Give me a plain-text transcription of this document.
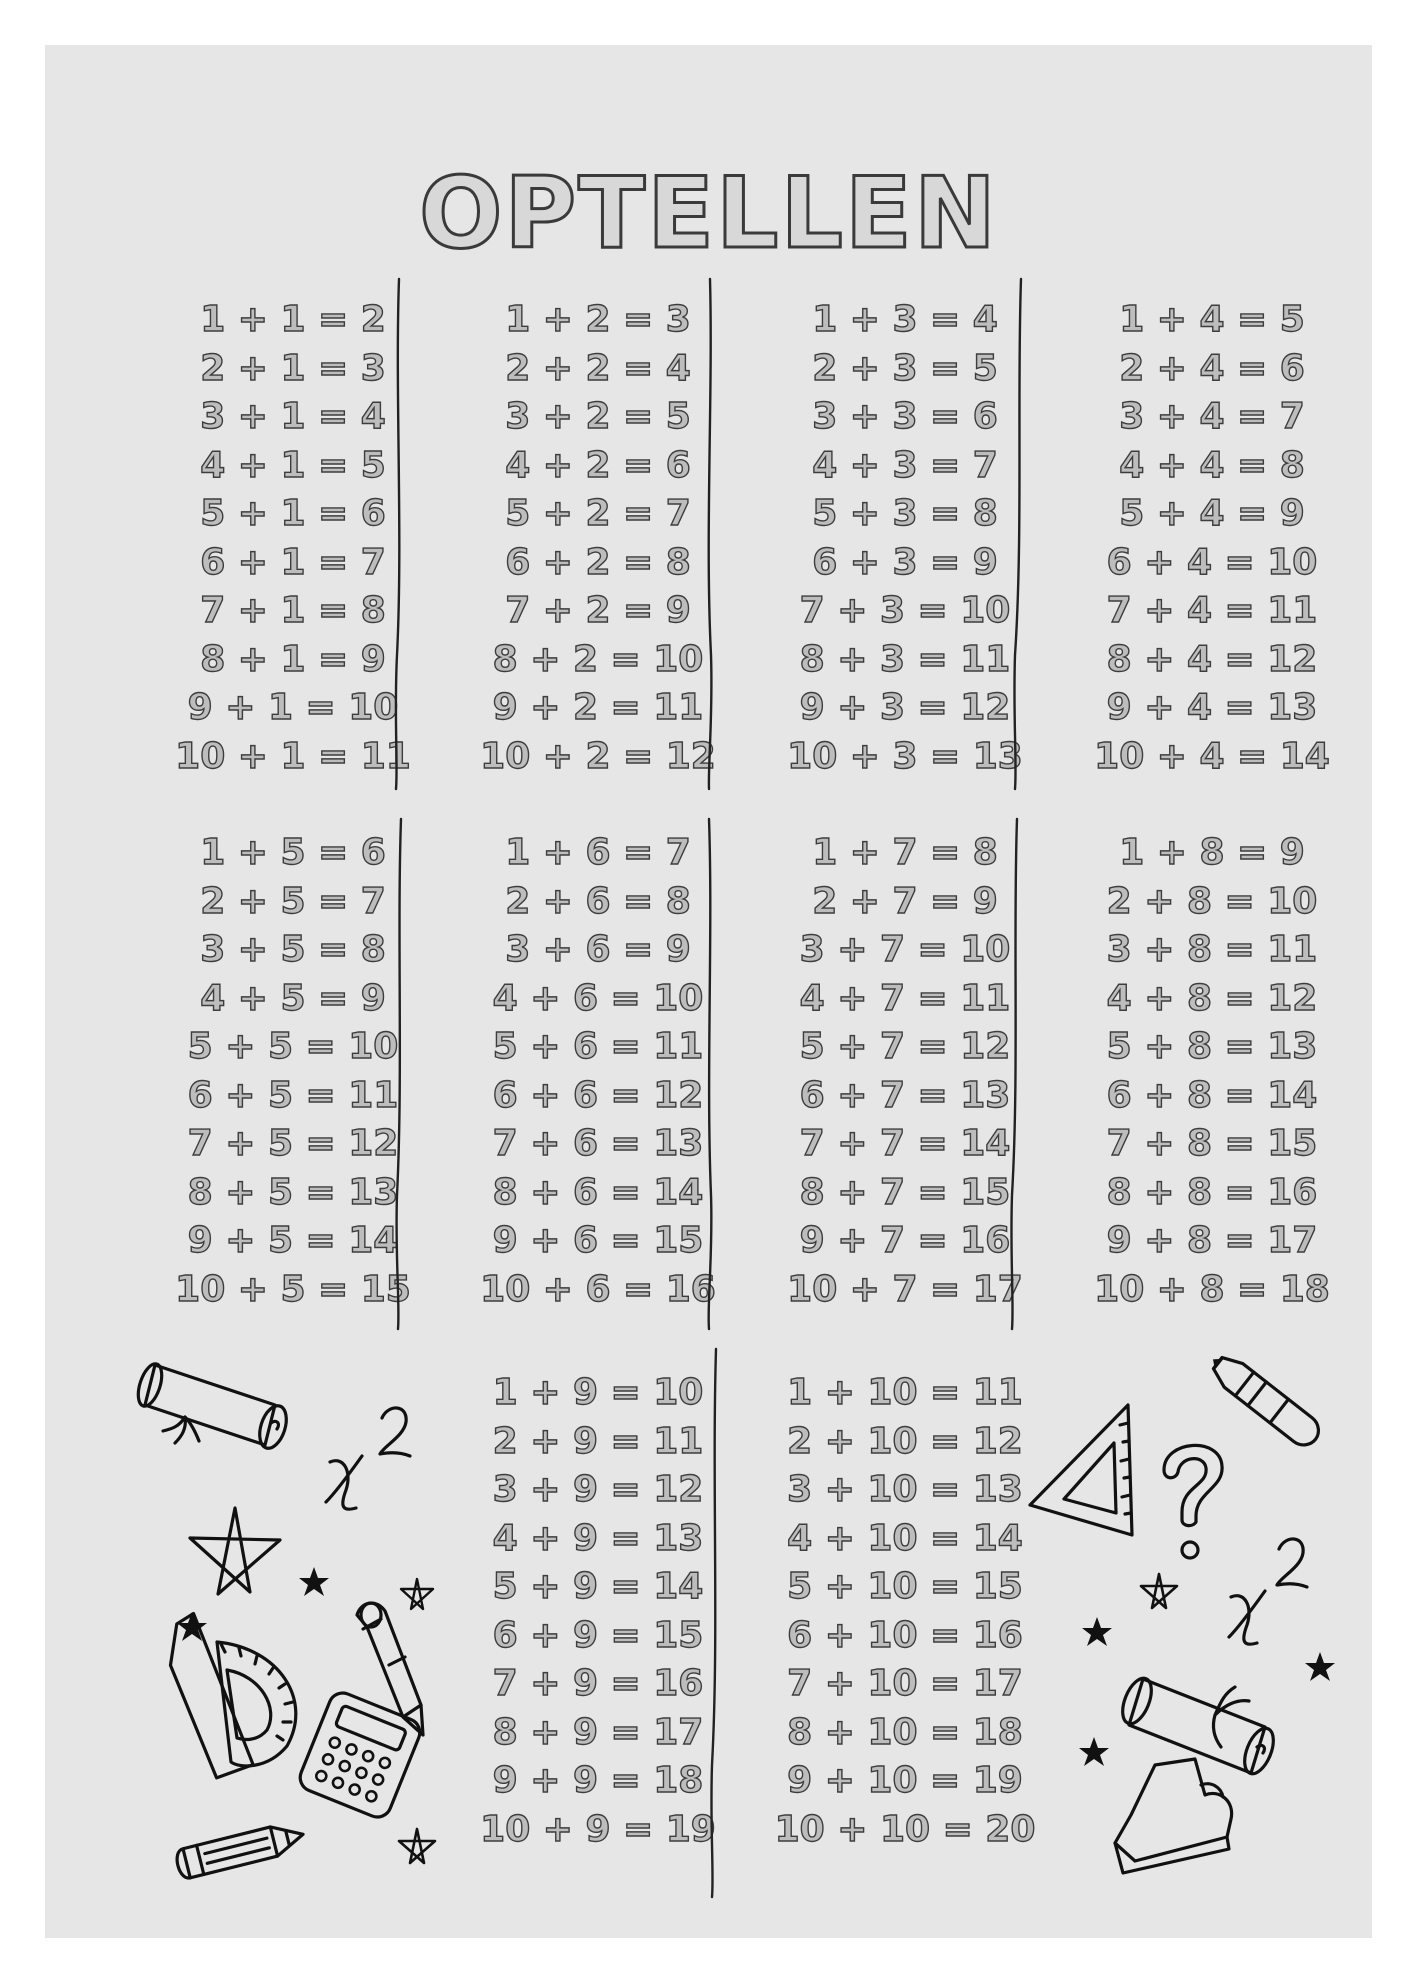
OPTELLEN
1 + 1 = 2
2 + 1 = 3
3 + 1 = 4
4 + 1 = 5
5 + 1 = 6
6 + 1 = 7
7 + 1 = 8
8 + 1 = 9
9 + 1 = 10
10 + 1 = 11
1 + 2 = 3
2 + 2 = 4
3 + 2 = 5
4 + 2 = 6
5 + 2 = 7
6 + 2 = 8
7 + 2 = 9
8 + 2 = 10
9 + 2 = 11
10 + 2 = 12
1 + 3 = 4
2 + 3 = 5
3 + 3 = 6
4 + 3 = 7
5 + 3 = 8
6 + 3 = 9
7 + 3 = 10
8 + 3 = 11
9 + 3 = 12
10 + 3 = 13
1 + 4 = 5
2 + 4 = 6
3 + 4 = 7
4 + 4 = 8
5 + 4 = 9
6 + 4 = 10
7 + 4 = 11
8 + 4 = 12
9 + 4 = 13
10 + 4 = 14
1 + 5 = 6
2 + 5 = 7
3 + 5 = 8
4 + 5 = 9
5 + 5 = 10
6 + 5 = 11
7 + 5 = 12
8 + 5 = 13
9 + 5 = 14
10 + 5 = 15
1 + 6 = 7
2 + 6 = 8
3 + 6 = 9
4 + 6 = 10
5 + 6 = 11
6 + 6 = 12
7 + 6 = 13
8 + 6 = 14
9 + 6 = 15
10 + 6 = 16
1 + 7 = 8
2 + 7 = 9
3 + 7 = 10
4 + 7 = 11
5 + 7 = 12
6 + 7 = 13
7 + 7 = 14
8 + 7 = 15
9 + 7 = 16
10 + 7 = 17
1 + 8 = 9
2 + 8 = 10
3 + 8 = 11
4 + 8 = 12
5 + 8 = 13
6 + 8 = 14
7 + 8 = 15
8 + 8 = 16
9 + 8 = 17
10 + 8 = 18
1 + 9 = 10
2 + 9 = 11
3 + 9 = 12
4 + 9 = 13
5 + 9 = 14
6 + 9 = 15
7 + 9 = 16
8 + 9 = 17
9 + 9 = 18
10 + 9 = 19
1 + 10 = 11
2 + 10 = 12
3 + 10 = 13
4 + 10 = 14
5 + 10 = 15
6 + 10 = 16
7 + 10 = 17
8 + 10 = 18
9 + 10 = 19
10 + 10 = 20
